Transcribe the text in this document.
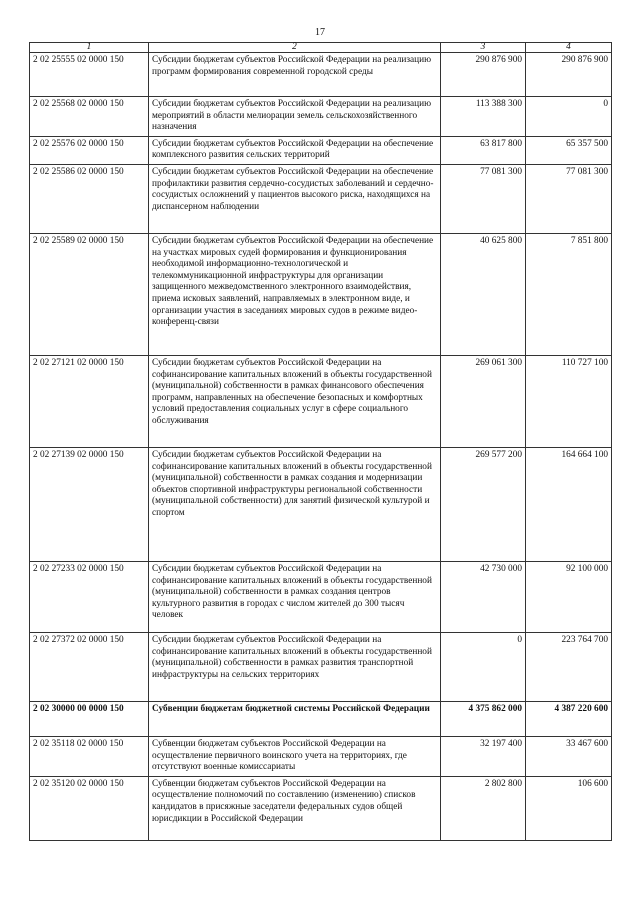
17
1	2	3	4
2 02 25555 02 0000 150	Субсидии бюджетам субъектов Российской Федерации на реализацию программ формирования современной городской среды	290 876 900	290 876 900
2 02 25568 02 0000 150	Субсидии бюджетам субъектов Российской Федерации на реализацию мероприятий в области мелиорации земель сельскохозяйственного назначения	113 388 300	0
2 02 25576 02 0000 150	Субсидии бюджетам субъектов Российской Федерации на обеспечение комплексного развития сельских территорий	63 817 800	65 357 500
2 02 25586 02 0000 150	Субсидии бюджетам субъектов Российской Федерации на обеспечение профилактики развития сердечно-сосудистых заболеваний и сердечно-сосудистых осложнений у пациентов высокого риска, находящихся на диспансерном наблюдении	77 081 300	77 081 300
2 02 25589 02 0000 150	Субсидии бюджетам субъектов Российской Федерации на обеспечение на участках мировых судей формирования и функционирования необходимой информационно-технологической и телекоммуникационной инфраструктуры для организации защищенного межведомственного электронного взаимодействия, приема исковых заявлений, направляемых в электронном виде, и организации участия в заседаниях мировых судов в режиме видео-конференц-связи	40 625 800	7 851 800
2 02 27121 02 0000 150	Субсидии бюджетам субъектов Российской Федерации на софинансирование капитальных вложений в объекты государственной (муниципальной) собственности в рамках финансового обеспечения программ, направленных на обеспечение безопасных и комфортных условий предоставления социальных услуг в сфере социального обслуживания	269 061 300	110 727 100
2 02 27139 02 0000 150	Субсидии бюджетам субъектов Российской Федерации на софинансирование капитальных вложений в объекты государственной (муниципальной) собственности в рамках создания и модернизации объектов спортивной инфраструктуры региональной собственности (муниципальной собственности) для занятий физической культурой и спортом	269 577 200	164 664 100
2 02 27233 02 0000 150	Субсидии бюджетам субъектов Российской Федерации на софинансирование капитальных вложений в объекты государственной (муниципальной) собственности в рамках создания центров культурного развития в городах с числом жителей до 300 тысяч человек	42 730 000	92 100 000
2 02 27372 02 0000 150	Субсидии бюджетам субъектов Российской Федерации на софинансирование капитальных вложений в объекты государственной (муниципальной) собственности в рамках развития транспортной инфраструктуры на сельских территориях	0	223 764 700
2 02 30000 00 0000 150	Субвенции бюджетам бюджетной системы Российской Федерации	4 375 862 000	4 387 220 600
2 02 35118 02 0000 150	Субвенции бюджетам субъектов Российской Федерации на осуществление первичного воинского учета на территориях, где отсутствуют военные комиссариаты	32 197 400	33 467 600
2 02 35120 02 0000 150	Субвенции бюджетам субъектов Российской Федерации на осуществление полномочий по составлению (изменению) списков кандидатов в присяжные заседатели федеральных судов общей юрисдикции в Российской Федерации	2 802 800	106 600
